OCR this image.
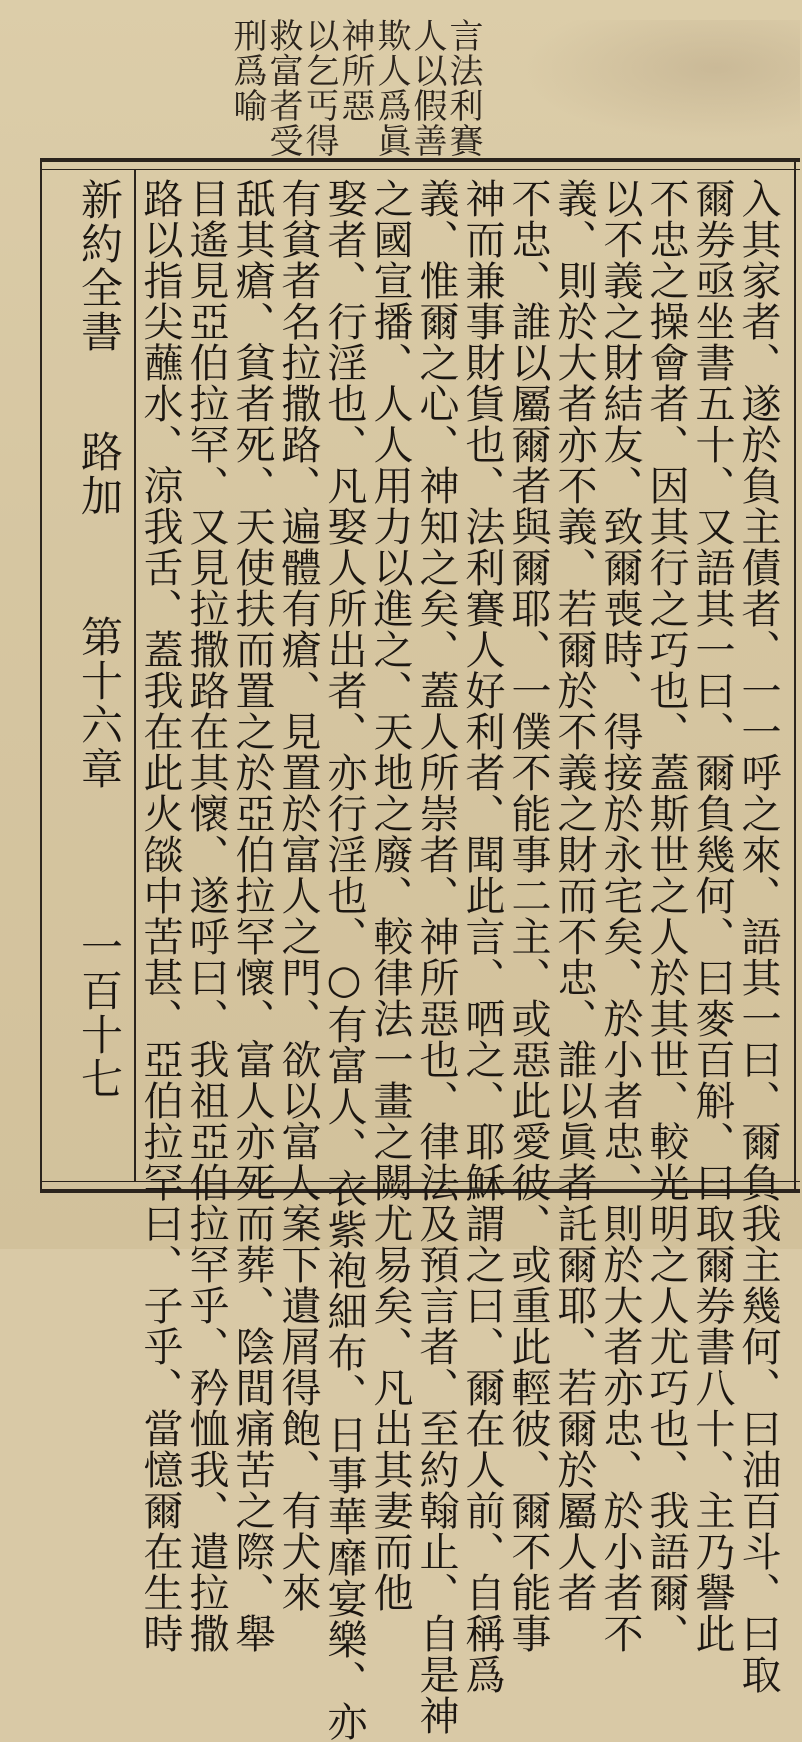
言法利賽
人以假善
欺人爲眞
神所惡
以乞丐得
救富者受
刑爲喻
新約全書
路加
第十六章
一百十七	入其家者、遂於負主債者、一一呼之來、語其一曰、爾負我主幾何、曰油百斗、曰取
爾券亟坐書五十、又語其一曰、爾負幾何、曰麥百斛、曰取爾券書八十、主乃譽此
不忠之操會者、因其行之巧也、蓋斯世之人於其世、較光明之人尤巧也、我語爾、
以不義之財結友、致爾喪時、得接於永宅矣、於小者忠、則於大者亦忠、於小者不
義、則於大者亦不義、若爾於不義之財而不忠、誰以眞者託爾耶、若爾於屬人者
不忠、誰以屬爾者與爾耶、一僕不能事二主、或惡此愛彼、或重此輕彼、爾不能事
神而兼事財貨也、法利賽人好利者、聞此言、哂之、耶穌謂之曰、爾在人前、自稱爲
義、惟爾之心、神知之矣、蓋人所崇者、神所惡也、律法及預言者、至約翰止、自是神
之國宣播、人人用力以進之、天地之廢、較律法一畫之闕尤易矣、凡出其妻而他
娶者、行淫也、凡娶人所出者、亦行淫也、○有富人、衣紫袍細布、日事華靡宴樂、亦
有貧者名拉撒路、遍體有瘡、見置於富人之門、欲以富人案下遺屑得飽、有犬來
舐其瘡、貧者死、天使扶而置之於亞伯拉罕懷、富人亦死而葬、陰間痛苦之際、舉
目遙見亞伯拉罕、又見拉撒路在其懷、遂呼曰、我祖亞伯拉罕乎、矜恤我、遣拉撒
路以指尖蘸水、涼我舌、蓋我在此火燄中苦甚、亞伯拉罕曰、子乎、當憶爾在生時
